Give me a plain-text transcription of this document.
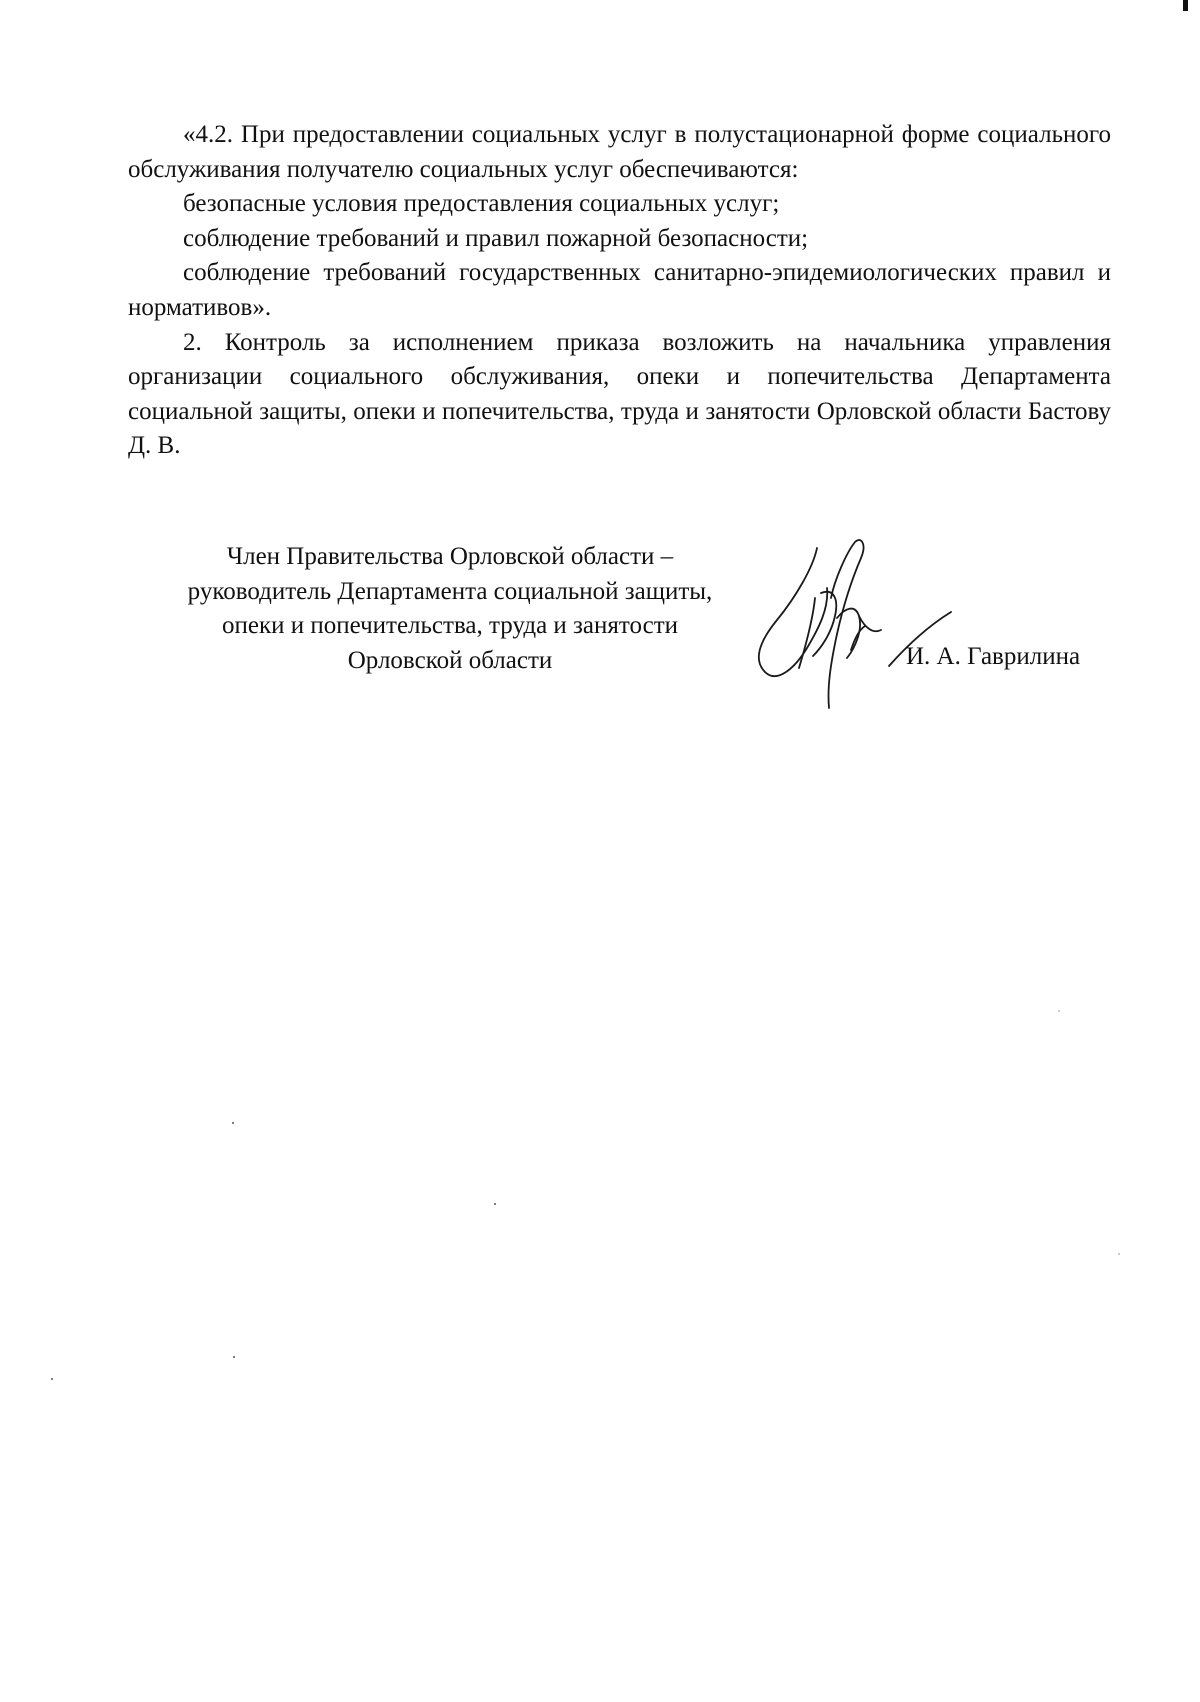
«4.2. При предоставлении социальных услуг в полустационарной форме социального обслуживания получателю социальных услуг обеспечиваются:

безопасные условия предоставления социальных услуг;

соблюдение требований и правил пожарной безопасности;

соблюдение требований государственных санитарно-эпидемиологических правил и нормативов».

2. Контроль за исполнением приказа возложить на начальника управления организации социального обслуживания, опеки и попечительства Департамента социальной защиты, опеки и попечительства, труда и занятости Орловской области Бастову Д. В.

Член Правительства Орловской области –
руководитель Департамента социальной защиты,
опеки и попечительства, труда и занятости
Орловской области	И. А. Гаврилина
